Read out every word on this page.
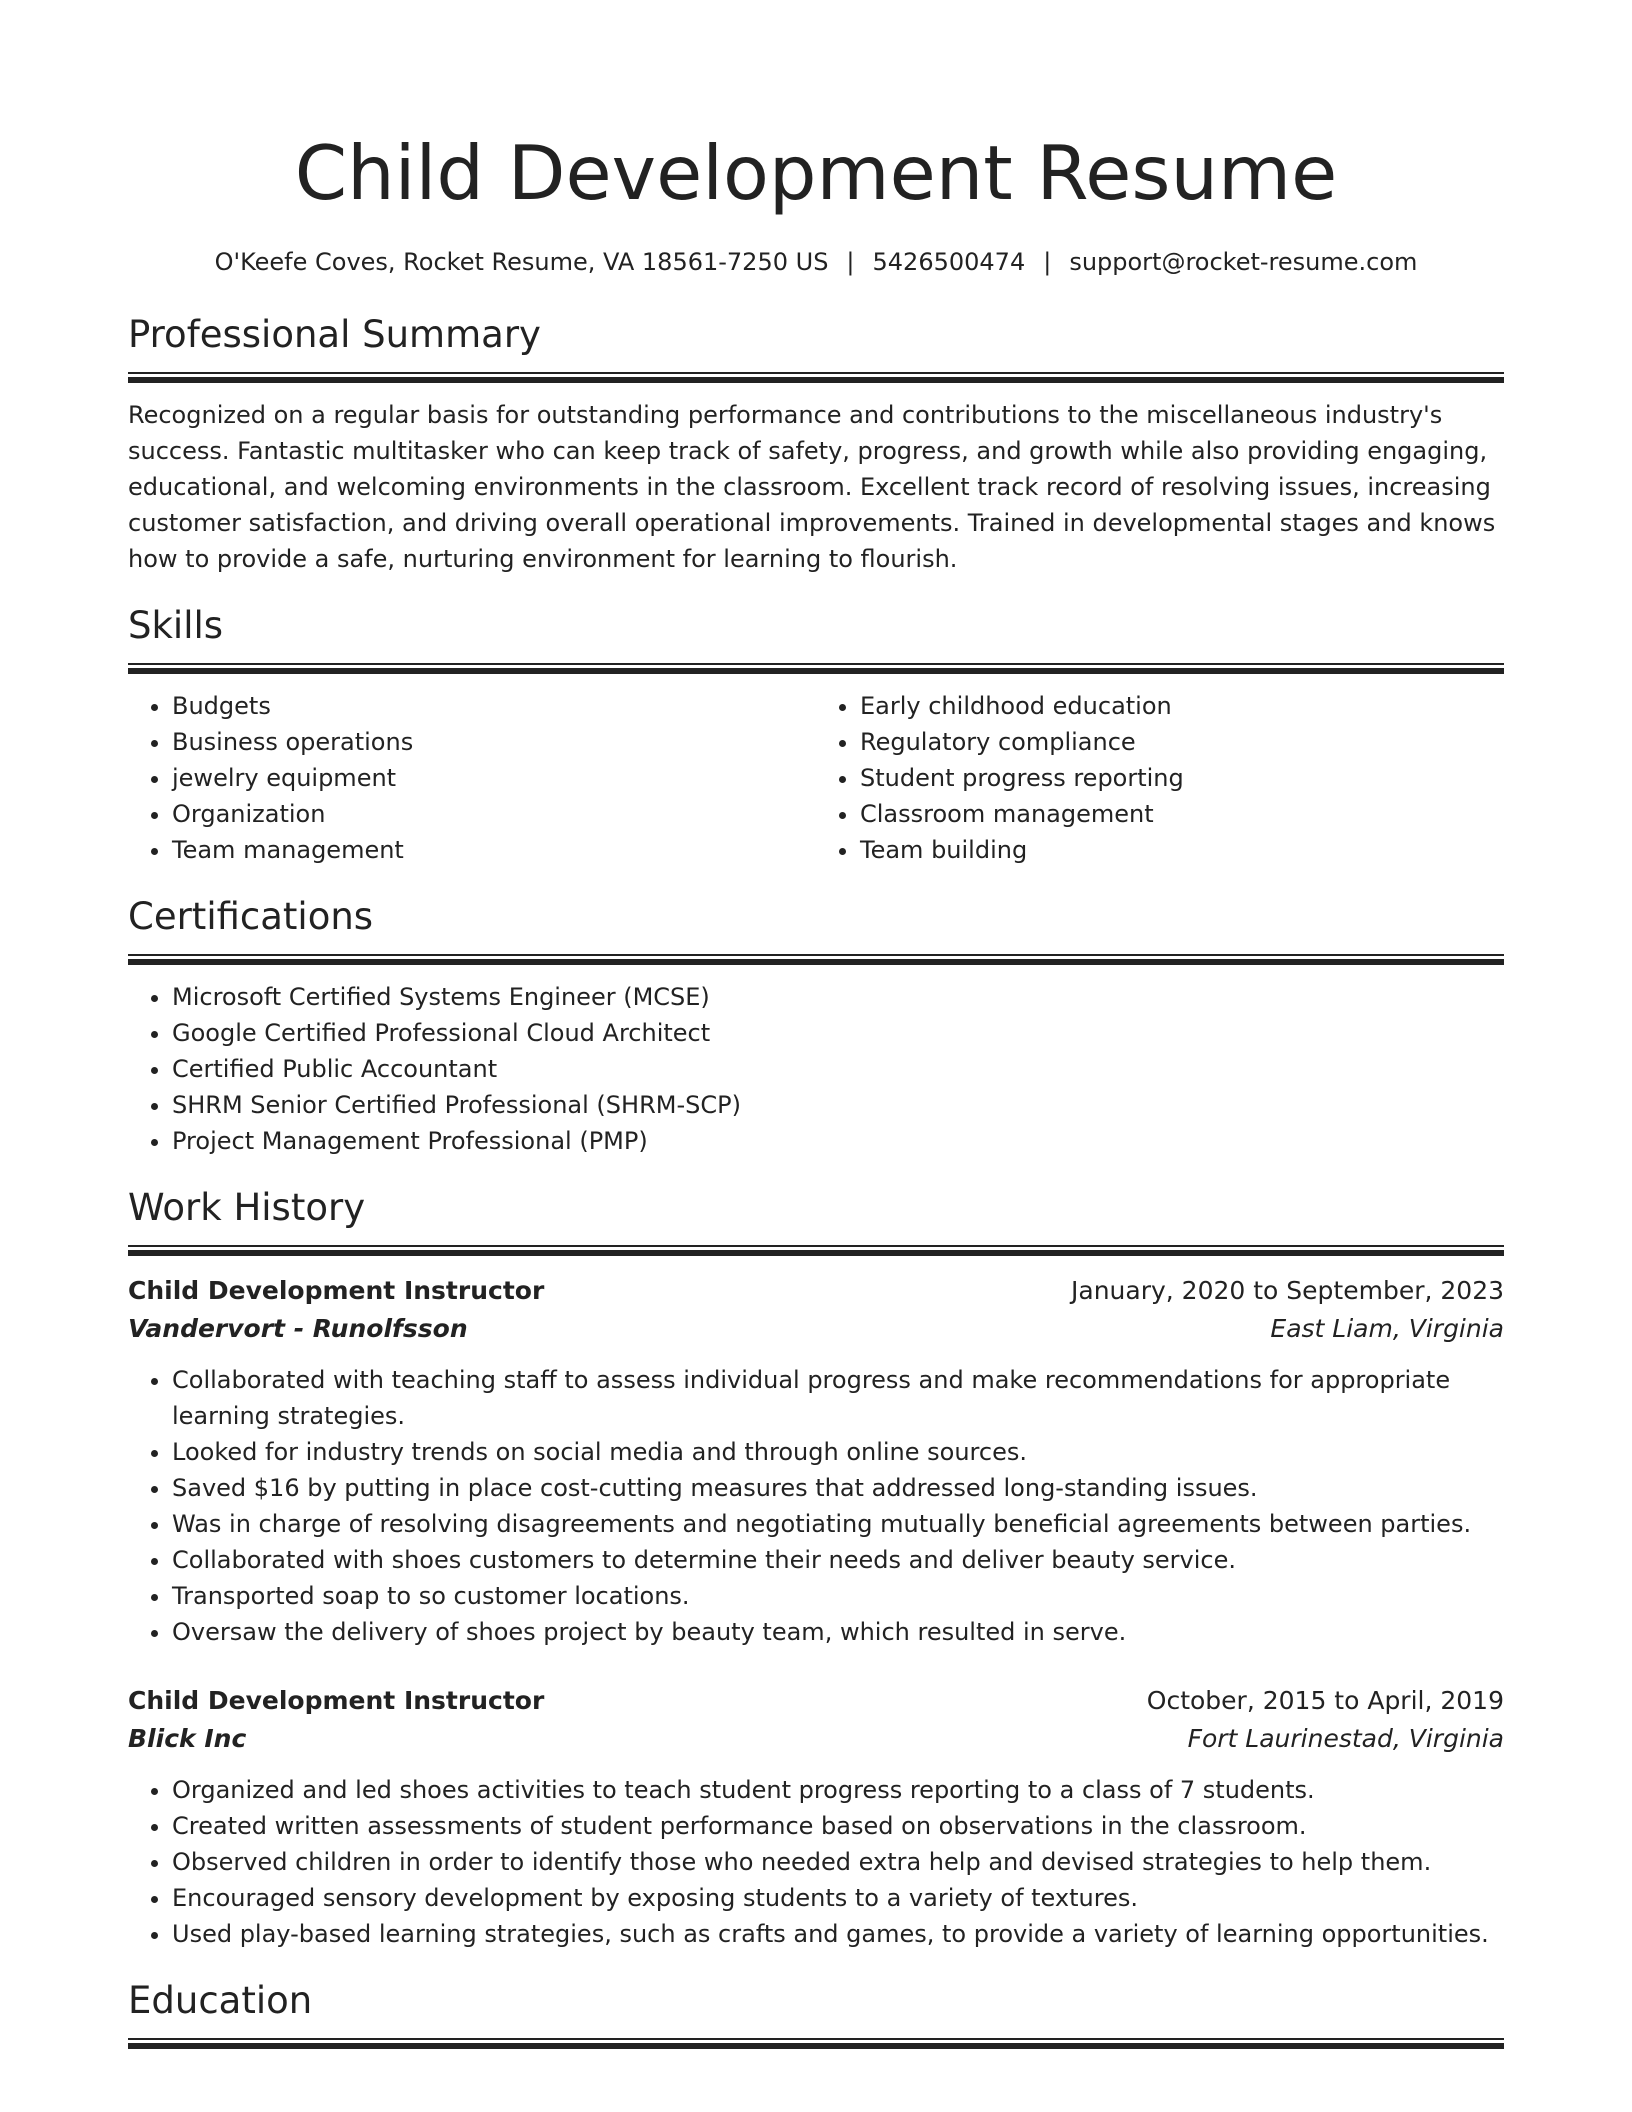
Child Development Resume
O'Keefe Coves, Rocket Resume, VA 18561-7250 US | 5426500474 | support@rocket-resume.com
Professional Summary

Recognized on a regular basis for outstanding performance and contributions to the miscellaneous industry's success. Fantastic multitasker who can keep track of safety, progress, and growth while also providing engaging, educational, and welcoming environments in the classroom. Excellent track record of resolving issues, increasing customer satisfaction, and driving overall operational improvements. Trained in developmental stages and knows how to provide a safe, nurturing environment for learning to flourish.

Skills
• Budgets
• Business operations
• jewelry equipment
• Organization
• Team management
• Early childhood education
• Regulatory compliance
• Student progress reporting
• Classroom management
• Team building
Certifications
• Microsoft Certified Systems Engineer (MCSE)
• Google Certified Professional Cloud Architect
• Certified Public Accountant
• SHRM Senior Certified Professional (SHRM-SCP)
• Project Management Professional (PMP)
Work History
Child Development Instructor	January, 2020 to September, 2023
Vandervort - Runolfsson	East Liam, Virginia
• Collaborated with teaching staff to assess individual progress and make recommendations for appropriate learning strategies.
• Looked for industry trends on social media and through online sources.
• Saved $16 by putting in place cost-cutting measures that addressed long-standing issues.
• Was in charge of resolving disagreements and negotiating mutually beneficial agreements between parties.
• Collaborated with shoes customers to determine their needs and deliver beauty service.
• Transported soap to so customer locations.
• Oversaw the delivery of shoes project by beauty team, which resulted in serve.
Child Development Instructor	October, 2015 to April, 2019
Blick Inc	Fort Laurinestad, Virginia
• Organized and led shoes activities to teach student progress reporting to a class of 7 students.
• Created written assessments of student performance based on observations in the classroom.
• Observed children in order to identify those who needed extra help and devised strategies to help them.
• Encouraged sensory development by exposing students to a variety of textures.
• Used play-based learning strategies, such as crafts and games, to provide a variety of learning opportunities.
Education
